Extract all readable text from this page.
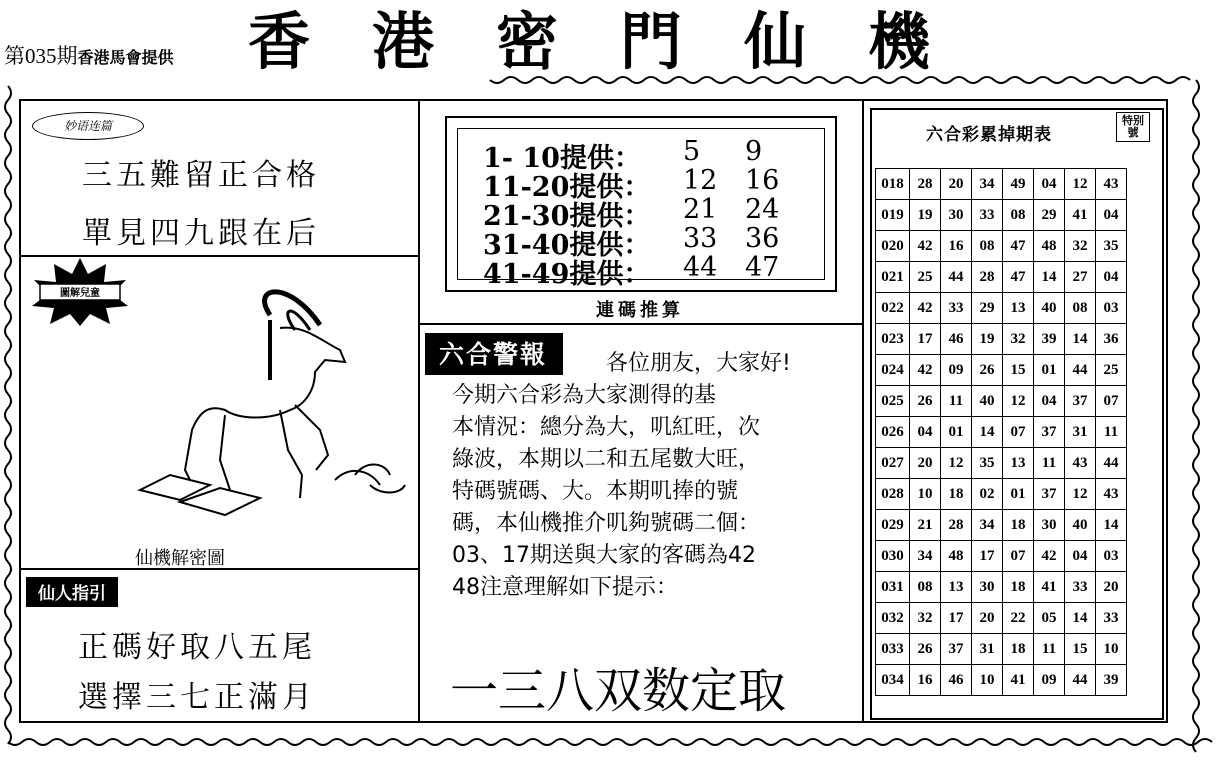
第035期香港馬會提供 香港密門仙機
妙语连篇
三五難留正合格
單見四九跟在后
圖解兒童
仙機解密圖
仙人指引
正碼好取八五尾
選擇三七正滿月
1- 10提供： 5 9
11-20提供： 12 16
21-30提供： 21 24
31-40提供： 33 36
41-49提供： 44 47
連碼推算
六合警報	各位朋友，大家好!
今期六合彩為大家測得的基
本情況：總分為大，叽紅旺，次
綠波，本期以二和五尾數大旺，
特碼號碼、大。本期叽捧的號
碼，本仙機推介叽夠號碼二個：
03、17期送與大家的客碼為42
48注意理解如下提示：
一三八双数定取
六合彩累掉期表
特别號
018	28	20	34	49	04	12	43
019	19	30	33	08	29	41	04
020	42	16	08	47	48	32	35
021	25	44	28	47	14	27	04
022	42	33	29	13	40	08	03
023	17	46	19	32	39	14	36
024	42	09	26	15	01	44	25
025	26	11	40	12	04	37	07
026	04	01	14	07	37	31	11
027	20	12	35	13	11	43	44
028	10	18	02	01	37	12	43
029	21	28	34	18	30	40	14
030	34	48	17	07	42	04	03
031	08	13	30	18	41	33	20
032	32	17	20	22	05	14	33
033	26	37	31	18	11	15	10
034	16	46	10	41	09	44	39
